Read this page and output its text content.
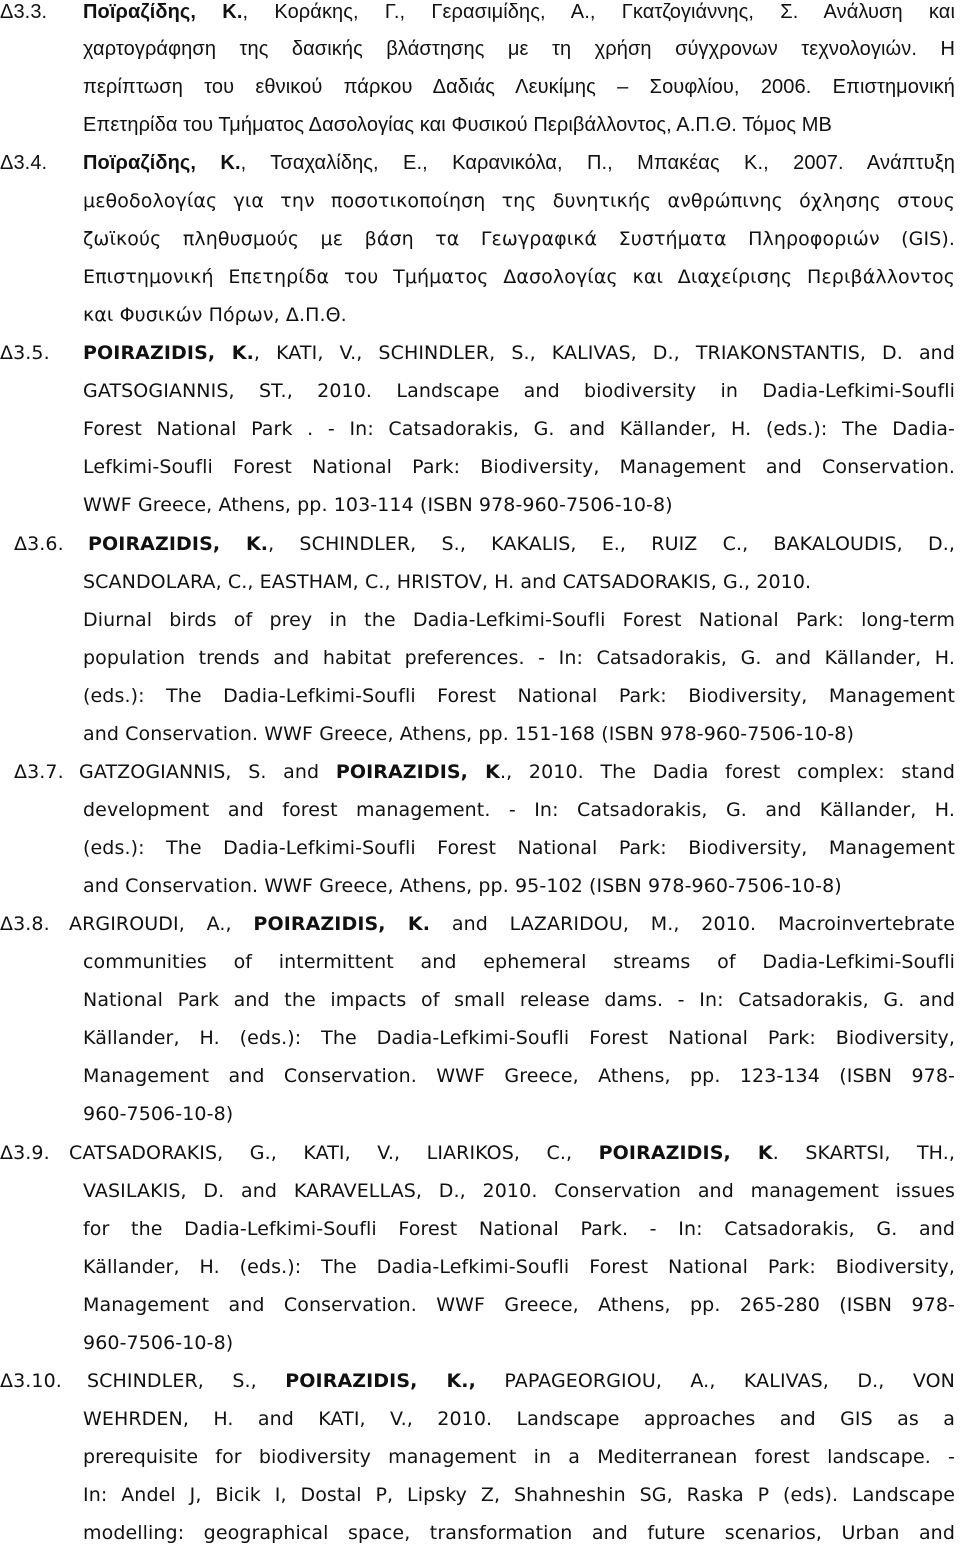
Δ3.3. Ποϊραζίδης, Κ., Κοράκης, Γ., Γερασιμίδης, Α., Γκατζογιάννης, Σ. Ανάλυση και
χαρτογράφηση της δασικής βλάστησης με τη χρήση σύγχρονων τεχνολογιών. Η
περίπτωση του εθνικού πάρκου Δαδιάς Λευκίμης – Σουφλίου, 2006. Επιστημονική
Επετηρίδα του Τμήματος Δασολογίας και Φυσικού Περιβάλλοντος, Α.Π.Θ. Τόμος ΜΒ
Δ3.4. Ποϊραζίδης, Κ., Τσαχαλίδης, Ε., Καρανικόλα, Π., Μπακέας Κ., 2007. Ανάπτυξη
μεθοδολογίας για την ποσοτικοποίηση της δυνητικής ανθρώπινης όχλησης στους
ζωϊκούς πληθυσμούς με βάση τα Γεωγραφικά Συστήματα Πληροφοριών (GIS).
Επιστημονική Επετηρίδα του Τμήματος Δασολογίας και Διαχείρισης Περιβάλλοντος
και Φυσικών Πόρων, Δ.Π.Θ.
Δ3.5. POIRAZIDIS, K., KATI, V., SCHINDLER, S., KALIVAS, D., TRIAKONSTANTIS, D. and
GATSOGIANNIS, ST., 2010. Landscape and biodiversity in Dadia-Lefkimi-Soufli
Forest National Park . - In: Catsadorakis, G. and Källander, H. (eds.): The Dadia-
Lefkimi-Soufli Forest National Park: Biodiversity, Management and Conservation.
WWF Greece, Athens, pp. 103-114 (ISBN 978-960-7506-10-8)
Δ3.6. POIRAZIDIS, K., SCHINDLER, S., KAKALIS, E., RUIZ C., BAKALOUDIS, D.,
SCANDOLARA, C., EASTHAM, C., HRISTOV, H. and CATSADORAKIS, G., 2010.
Diurnal birds of prey in the Dadia-Lefkimi-Soufli Forest National Park: long-term
population trends and habitat preferences. - In: Catsadorakis, G. and Källander, H.
(eds.): The Dadia-Lefkimi-Soufli Forest National Park: Biodiversity, Management
and Conservation. WWF Greece, Athens, pp. 151-168 (ISBN 978-960-7506-10-8)
Δ3.7. GATZOGIANNIS, S. and POIRAZIDIS, K., 2010. The Dadia forest complex: stand
development and forest management. - In: Catsadorakis, G. and Källander, H.
(eds.): The Dadia-Lefkimi-Soufli Forest National Park: Biodiversity, Management
and Conservation. WWF Greece, Athens, pp. 95-102 (ISBN 978-960-7506-10-8)
Δ3.8. ARGIROUDI, A., POIRAZIDIS, K. and LAZARIDOU, M., 2010. Macroinvertebrate
communities of intermittent and ephemeral streams of Dadia-Lefkimi-Soufli
National Park and the impacts of small release dams. - In: Catsadorakis, G. and
Källander, H. (eds.): The Dadia-Lefkimi-Soufli Forest National Park: Biodiversity,
Management and Conservation. WWF Greece, Athens, pp. 123-134 (ISBN 978-
960-7506-10-8)
Δ3.9. CATSADORAKIS, G., KATI, V., LIARIKOS, C., POIRAZIDIS, K. SKARTSI, TH.,
VASILAKIS, D. and KARAVELLAS, D., 2010. Conservation and management issues
for the Dadia-Lefkimi-Soufli Forest National Park. - In: Catsadorakis, G. and
Källander, H. (eds.): The Dadia-Lefkimi-Soufli Forest National Park: Biodiversity,
Management and Conservation. WWF Greece, Athens, pp. 265-280 (ISBN 978-
960-7506-10-8)
Δ3.10. SCHINDLER, S., POIRAZIDIS, K., PAPAGEORGIOU, A., KALIVAS, D., VON
WEHRDEN, H. and KATI, V., 2010. Landscape approaches and GIS as a
prerequisite for biodiversity management in a Mediterranean forest landscape. -
In: Andel J, Bicik I, Dostal P, Lipsky Z, Shahneshin SG, Raska P (eds). Landscape
modelling: geographical space, transformation and future scenarios, Urban and
